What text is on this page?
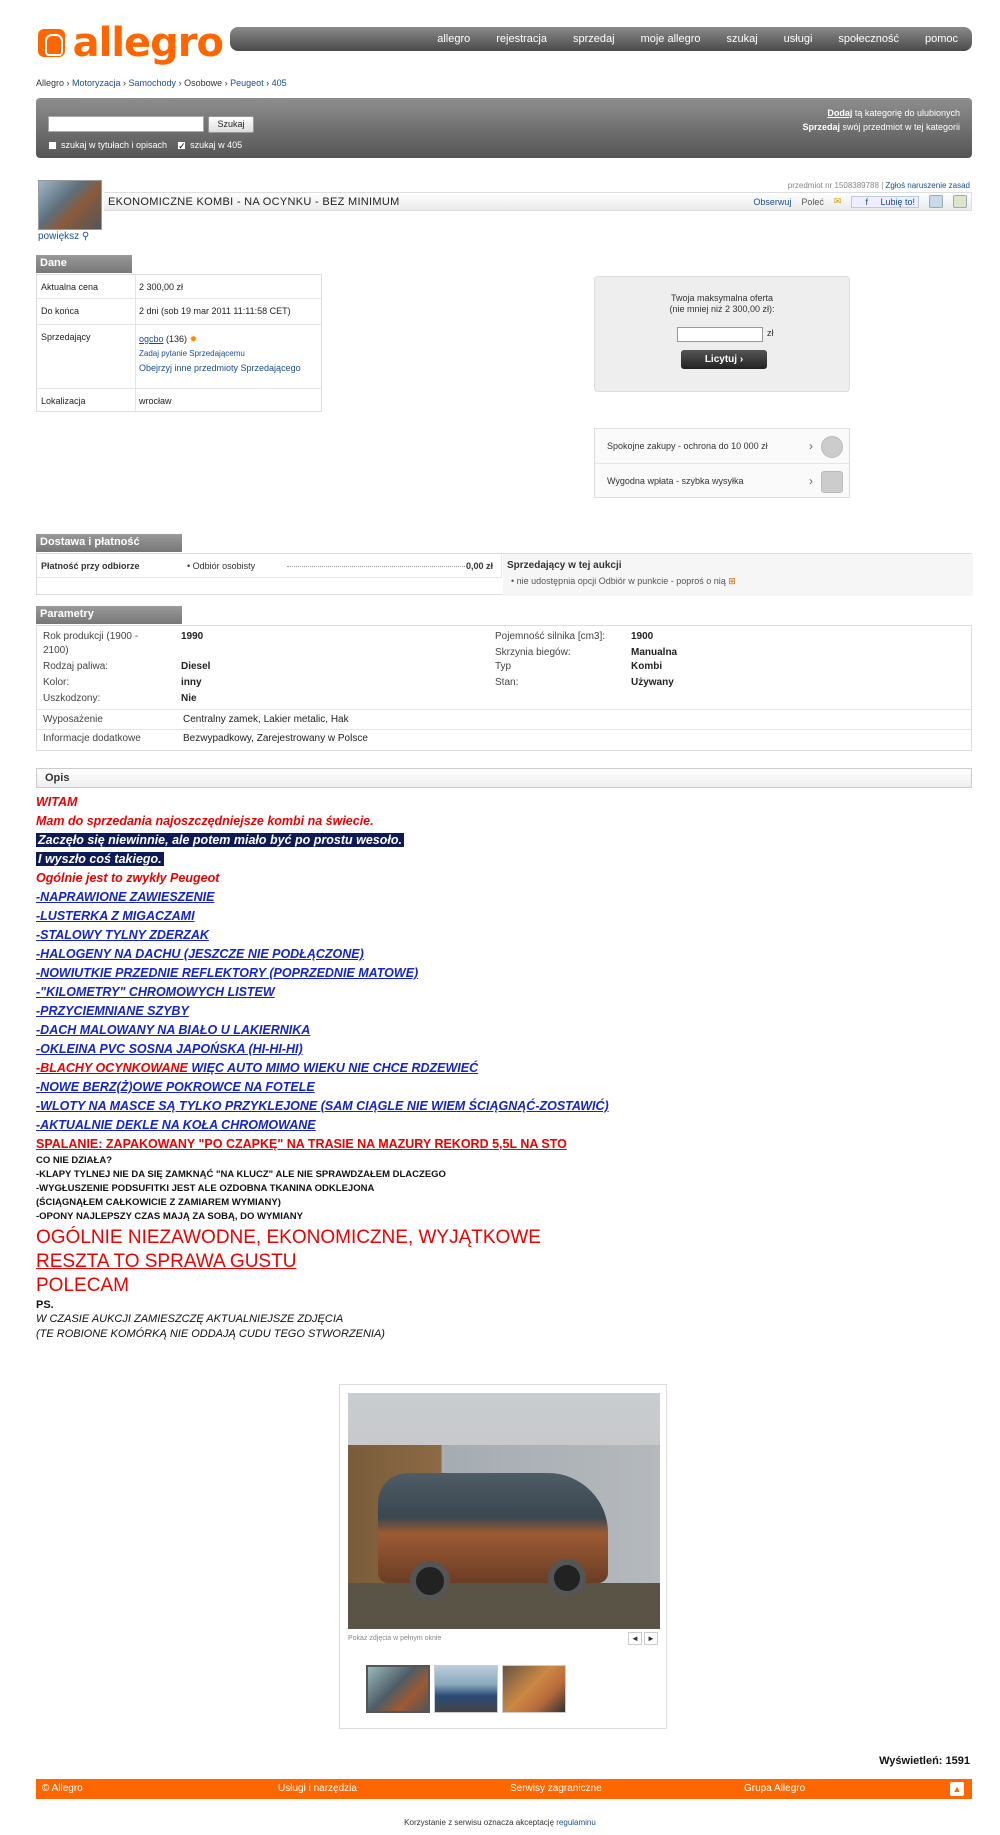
allegro	allegro rejestracja sprzedaj moje allegro szukaj usługi społeczność pomoc
Allegro › Motoryzacja › Samochody › Osobowe › Peugeot › 405
Szukaj
szukaj w tytułach i opisach
✓	szukaj w 405
Dodaj tą kategorię do ulubionych
Sprzedaj swój przedmiot w tej kategorii
powiększ ⚲
przedmiot nr 1508389788 | Zgłoś naruszenie zasad
EKONOMICZNE KOMBI - NA OCYNKU - BEZ MINIMUM	Obserwuj Poleć ✉	f Lubię to!
Dane
Aktualna cena	2 300,00 zł
Do końca	2 dni (sob 19 mar 2011 11:11:58 CET)
Sprzedający	ogcbo (136) ✹
Zadaj pytanie Sprzedającemu
Obejrzyj inne przedmioty Sprzedającego
Lokalizacja	wrocław
Twoja maksymalna oferta
(nie mniej niż 2 300,00 zł):
zł
Licytuj ›
Spokojne zakupy - ochrona do 10 000 zł	›
Wygodna wpłata - szybka wysyłka	›
Dostawa i płatność
Płatność przy odbiorze	• Odbiór osobisty	0,00 zł Sprzedający w tej aukcji
• nie udostępnia opcji Odbiór w punkcie - poproś o nią ⊞
Parametry
Rok produkcji (1900 -
2100)
1990
Rodzaj paliwa:	Diesel
Kolor:	inny
Uszkodzony:	Nie
Pojemność silnika [cm3]:	1900
Skrzynia biegów:	Manualna
Typ	Kombi
Stan:	Używany
Wyposażenie	Centralny zamek, Lakier metalic, Hak
Informacje dodatkowe	Bezwypadkowy, Zarejestrowany w Polsce
Opis
WITAM
Mam do sprzedania najoszczędniejsze kombi na świecie.
Zaczęło się niewinnie, ale potem miało być po prostu wesoło.
I wyszło coś takiego.
Ogólnie jest to zwykły Peugeot
-NAPRAWIONE ZAWIESZENIE
-LUSTERKA Z MIGACZAMI
-STALOWY TYLNY ZDERZAK
-HALOGENY NA DACHU (JESZCZE NIE PODŁĄCZONE)
-NOWIUTKIE PRZEDNIE REFLEKTORY (POPRZEDNIE MATOWE)
-"KILOMETRY" CHROMOWYCH LISTEW
-PRZYCIEMNIANE SZYBY
-DACH MALOWANY NA BIAŁO U LAKIERNIKA
-OKLEINA PVC SOSNA JAPOŃSKA (HI-HI-HI)
-BLACHY OCYNKOWANE WIĘC AUTO MIMO WIEKU NIE CHCE RDZEWIEĆ
-NOWE BERZ(Ż)OWE POKROWCE NA FOTELE
-WLOTY NA MASCE SĄ TYLKO PRZYKLEJONE (SAM CIĄGLE NIE WIEM ŚCIĄGNĄĆ-ZOSTAWIĆ)
-AKTUALNIE DEKLE NA KOŁA CHROMOWANE
SPALANIE: ZAPAKOWANY "PO CZAPKĘ" NA TRASIE NA MAZURY REKORD 5,5L NA STO
CO NIE DZIAŁA?
-KLAPY TYLNEJ NIE DA SIĘ ZAMKNĄĆ "NA KLUCZ" ALE NIE SPRAWDZAŁEM DLACZEGO
-WYGŁUSZENIE PODSUFITKI JEST ALE OZDOBNA TKANINA ODKLEJONA
(ŚCIĄGNĄŁEM CAŁKOWICIE Z ZAMIAREM WYMIANY)
-OPONY NAJLEPSZY CZAS MAJĄ ZA SOBĄ, DO WYMIANY
OGÓLNIE NIEZAWODNE, EKONOMICZNE, WYJĄTKOWE
RESZTA TO SPRAWA GUSTU
POLECAM
PS.
W CZASIE AUKCJI ZAMIESZCZĘ AKTUALNIEJSZE ZDJĘCIA
(TE ROBIONE KOMÓRKĄ NIE ODDAJĄ CUDU TEGO STWORZENIA)
Pokaż zdjęcia w pełnym oknie	◄	►
Wyświetleń: 1591
© Allegro	Usługi i narzędzia	Serwisy zagraniczne	Grupa Allegro	▲
Korzystanie z serwisu oznacza akceptację regulaminu
